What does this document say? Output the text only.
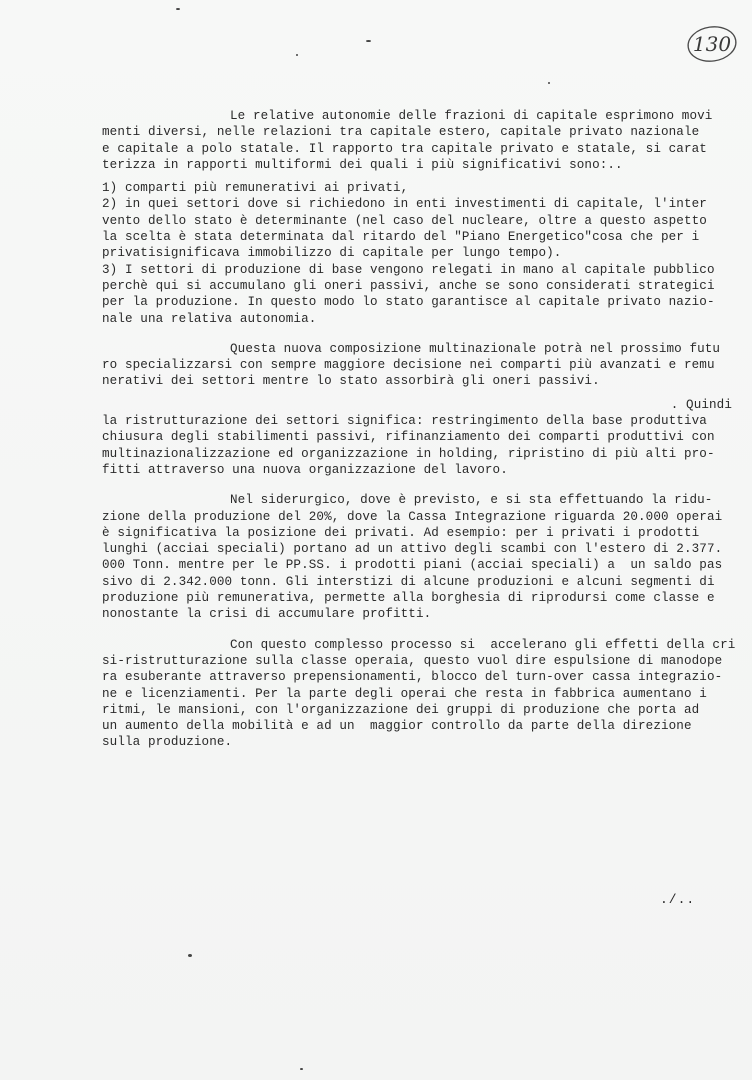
130
Le relative autonomie delle frazioni di capitale esprimono movi
menti diversi, nelle relazioni tra capitale estero, capitale privato nazionale
e capitale a polo statale. Il rapporto tra capitale privato e statale, si carat
terizza in rapporti multiformi dei quali i più significativi sono:..
1) comparti più remunerativi ai privati,
2) in quei settori dove si richiedono in enti investimenti di capitale, l'inter
vento dello stato è determinante (nel caso del nucleare, oltre a questo aspetto
la scelta è stata determinata dal ritardo del "Piano Energetico"cosa che per i
privatisignificava immobilizzo di capitale per lungo tempo).
3) I settori di produzione di base vengono relegati in mano al capitale pubblico
perchè qui si accumulano gli oneri passivi, anche se sono considerati strategici
per la produzione. In questo modo lo stato garantisce al capitale privato nazio-
nale una relativa autonomia.
Questa nuova composizione multinazionale potrà nel prossimo futu
ro specializzarsi con sempre maggiore decisione nei comparti più avanzati e remu
nerativi dei settori mentre lo stato assorbirà gli oneri passivi.
. Quindi
la ristrutturazione dei settori significa: restringimento della base produttiva
chiusura degli stabilimenti passivi, rifinanziamento dei comparti produttivi con
multinazionalizzazione ed organizzazione in holding, ripristino di più alti pro-
fitti attraverso una nuova organizzazione del lavoro.
Nel siderurgico, dove è previsto, e si sta effettuando la ridu-
zione della produzione del 20%, dove la Cassa Integrazione riguarda 20.000 operai
è significativa la posizione dei privati. Ad esempio: per i privati i prodotti
lunghi (acciai speciali) portano ad un attivo degli scambi con l'estero di 2.377.
000 Tonn. mentre per le PP.SS. i prodotti piani (acciai speciali) a  un saldo pas
sivo di 2.342.000 tonn. Gli interstizi di alcune produzioni e alcuni segmenti di
produzione più remunerativa, permette alla borghesia di riprodursi come classe e
nonostante la crisi di accumulare profitti.
Con questo complesso processo si  accelerano gli effetti della cri
si-ristrutturazione sulla classe operaia, questo vuol dire espulsione di manodope
ra esuberante attraverso prepensionamenti, blocco del turn-over cassa integrazio-
ne e licenziamenti. Per la parte degli operai che resta in fabbrica aumentano i
ritmi, le mansioni, con l'organizzazione dei gruppi di produzione che porta ad
un aumento della mobilità e ad un  maggior controllo da parte della direzione
sulla produzione.
./..
